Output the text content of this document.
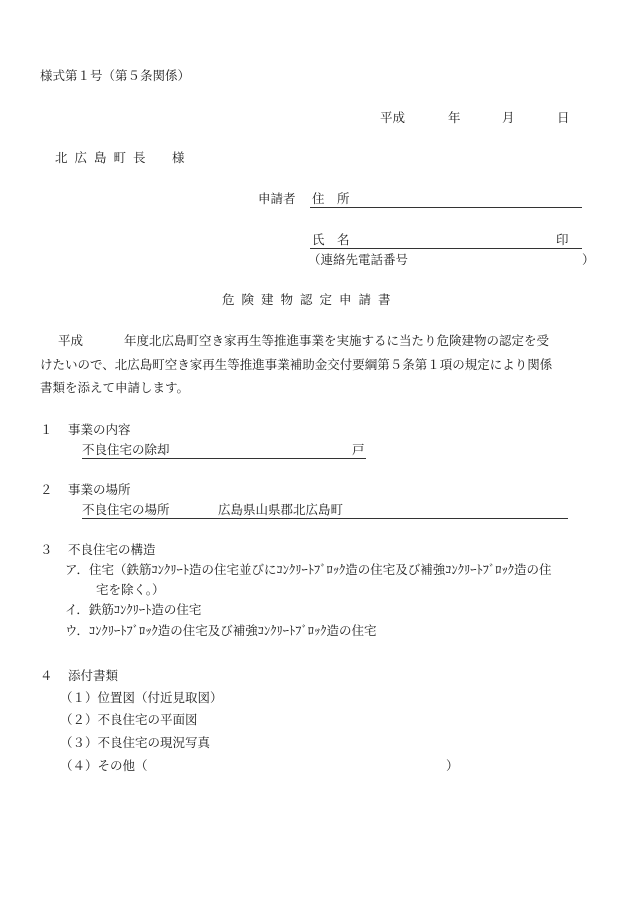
様式第１号（第５条関係）
平成	年	月	日
北広島町長　様
申請者 住　所
氏　名	印
（連絡先電話番号	）
危険建物認定申請書
平成	年度北広島町空き家再生等推進事業を実施するに当たり危険建物の認定を受
けたいので、北広島町空き家再生等推進事業補助金交付要綱第５条第１項の規定により関係
書類を添えて申請します。
１ 事業の内容
不良住宅の除却	戸
２ 事業の場所
不良住宅の場所	広島県山県郡北広島町
３ 不良住宅の構造
ア．住宅（鉄筋ｺﾝｸﾘｰﾄ造の住宅並びにｺﾝｸﾘｰﾄﾌﾞﾛｯｸ造の住宅及び補強ｺﾝｸﾘｰﾄﾌﾞﾛｯｸ造の住
宅を除く。）
イ．鉄筋ｺﾝｸﾘｰﾄ造の住宅
ウ．ｺﾝｸﾘｰﾄﾌﾞﾛｯｸ造の住宅及び補強ｺﾝｸﾘｰﾄﾌﾞﾛｯｸ造の住宅
４ 添付書類
（１）位置図（付近見取図）
（２）不良住宅の平面図
（３）不良住宅の現況写真
（４）その他（	）
